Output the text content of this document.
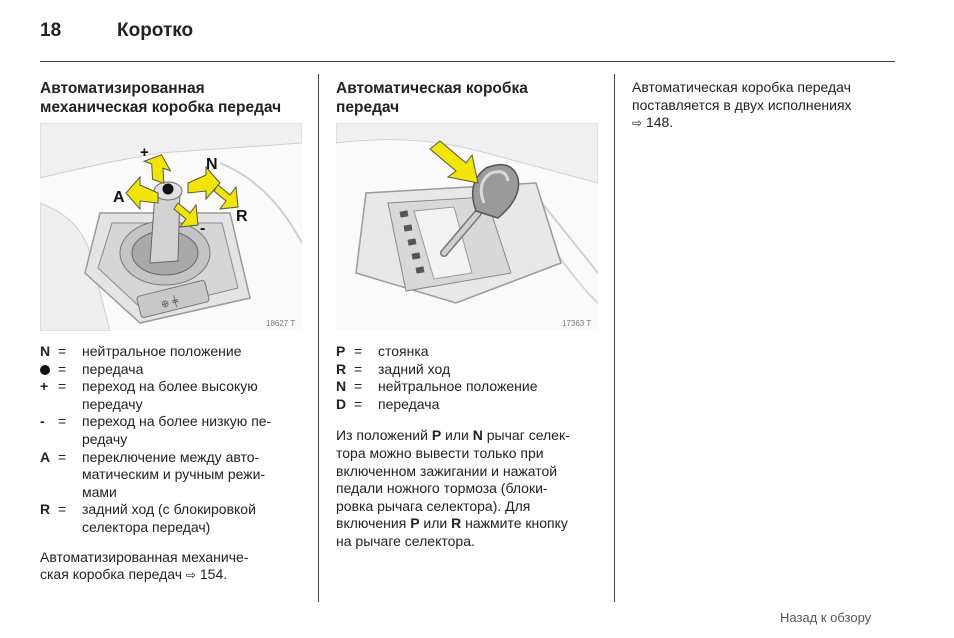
18	Коротко
Автоматизированная
механическая коробка передач
⊕ ╪
+
N
A
R
-
18627 T
N =	нейтральное положение
=	передача
+ =	переход на более высокую
передачу
- =	переход на более низкую пе-
редачу
A =	переключение между авто-
матическим и ручным режи-
мами
R =	задний ход (с блокировкой
селектора передач)
Автоматизированная механиче-
ская коробка передач ⇨ 154.
Автоматическая коробка
передач
17363 T
P =	стоянка
R =	задний ход
N =	нейтральное положение
D =	передача
Из положений P или N рычаг селек-
тора можно вывести только при
включенном зажигании и нажатой
педали ножного тормоза (блоки-
ровка рычага селектора). Для
включения P или R нажмите кнопку
на рычаге селектора.
Автоматическая коробка передач
поставляется в двух исполнениях
⇨ 148.
Назад к обзору
